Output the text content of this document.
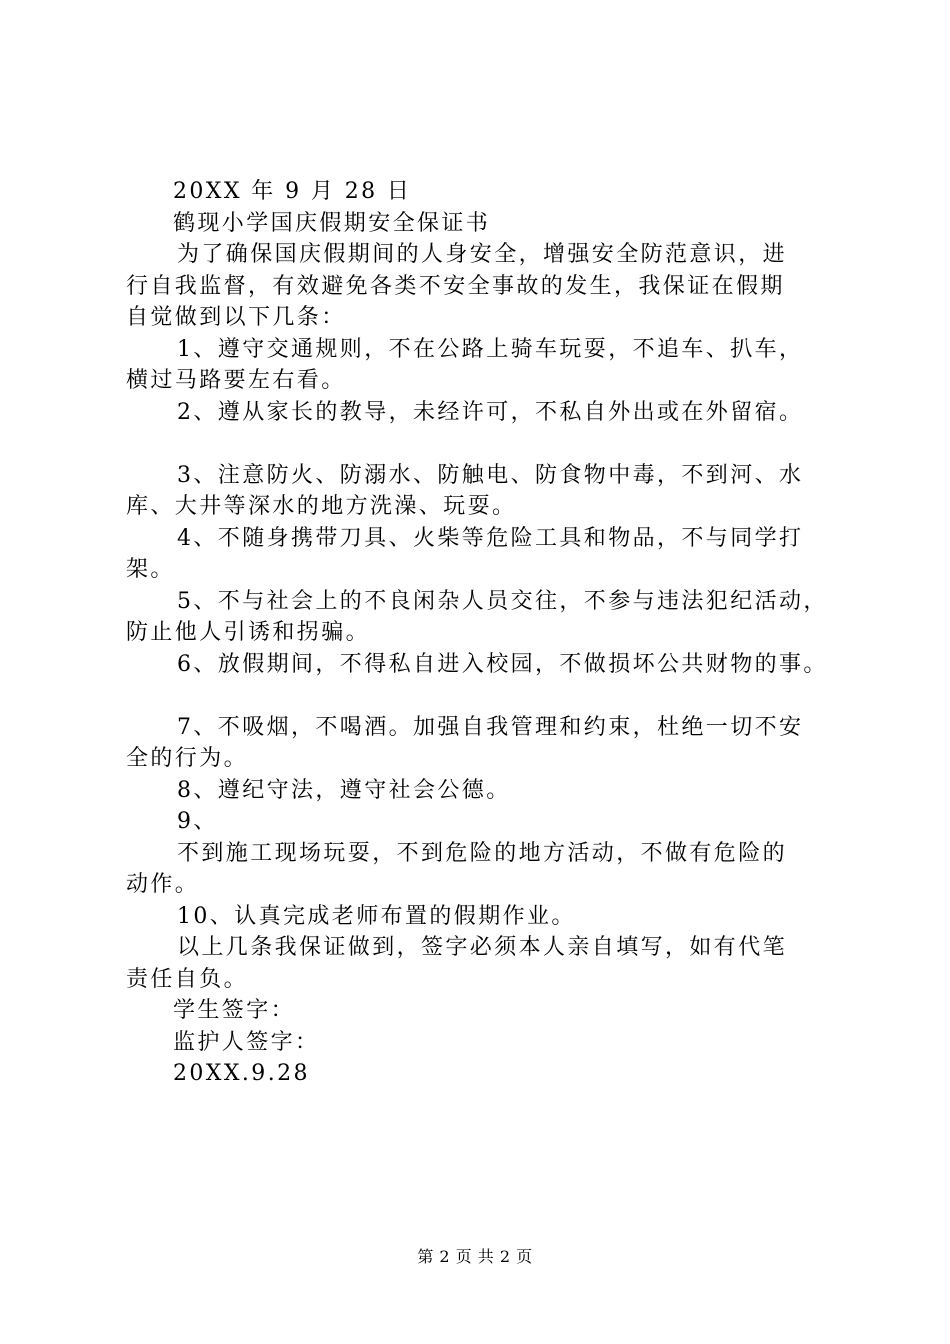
20XX 年 9 月 28 日
鹤现小学国庆假期安全保证书
为了确保国庆假期间的人身安全，增强安全防范意识，进
行自我监督，有效避免各类不安全事故的发生，我保证在假期
自觉做到以下几条：
1、遵守交通规则，不在公路上骑车玩耍，不追车、扒车，
横过马路要左右看。
2、遵从家长的教导，未经许可，不私自外出或在外留宿。
3、注意防火、防溺水、防触电、防食物中毒，不到河、水
库、大井等深水的地方洗澡、玩耍。
4、不随身携带刀具、火柴等危险工具和物品，不与同学打
架。
5、不与社会上的不良闲杂人员交往，不参与违法犯纪活动，
防止他人引诱和拐骗。
6、放假期间，不得私自进入校园，不做损坏公共财物的事。
7、不吸烟，不喝酒。加强自我管理和约束，杜绝一切不安
全的行为。
8、遵纪守法，遵守社会公德。
9、
不到施工现场玩耍，不到危险的地方活动，不做有危险的
动作。
10、认真完成老师布置的假期作业。
以上几条我保证做到，签字必须本人亲自填写，如有代笔
责任自负。
学生签字：
监护人签字：
20XX.9.28
第 2 页 共 2 页
